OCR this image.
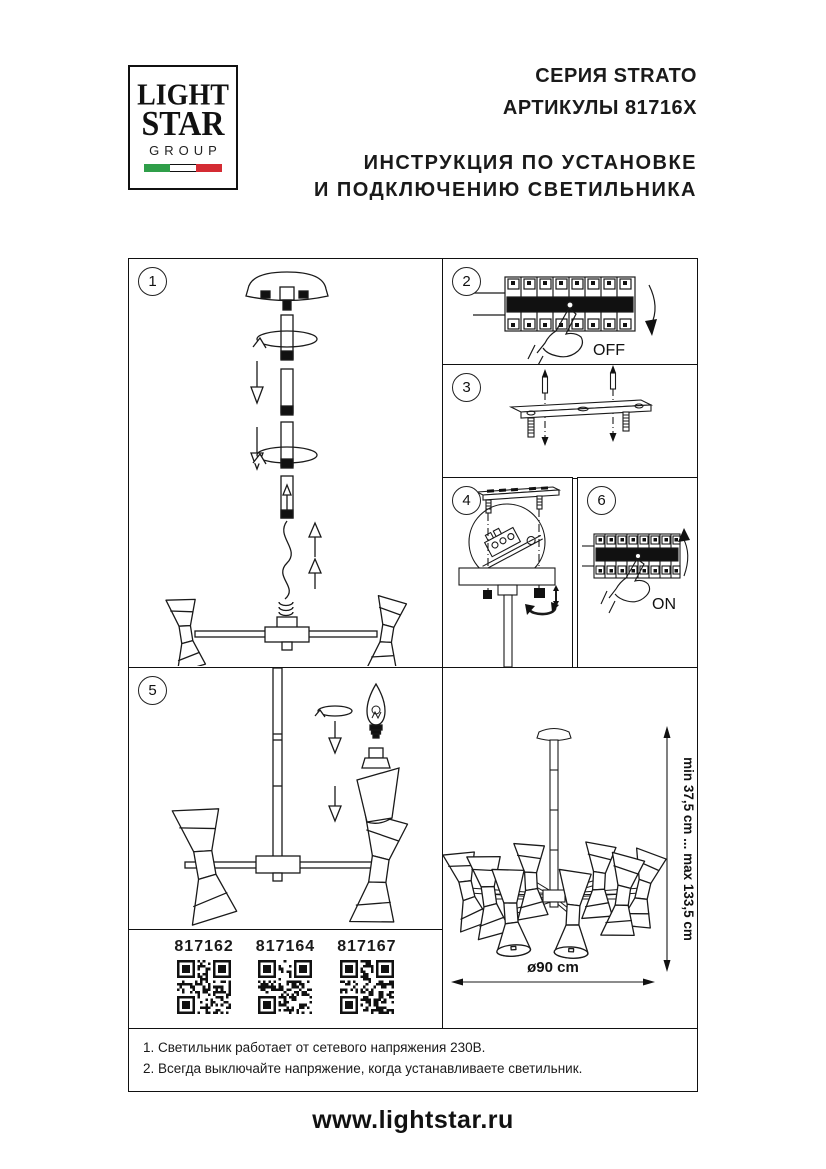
LIGHT
STAR
GROUP
СЕРИЯ STRATO
АРТИКУЛЫ 81716X
ИНСТРУКЦИЯ ПО УСТАНОВКЕ
И ПОДКЛЮЧЕНИЮ СВЕТИЛЬНИКА
1	2
OFF
3
4	6
ON
5
817162 817164 817167
min 37,5 cm ... max 133,5 cm
ø90 cm
1. Светильник работает от сетевого напряжения 230В.
2. Всегда выключайте напряжение, когда устанавливаете светильник.
www.lightstar.ru
